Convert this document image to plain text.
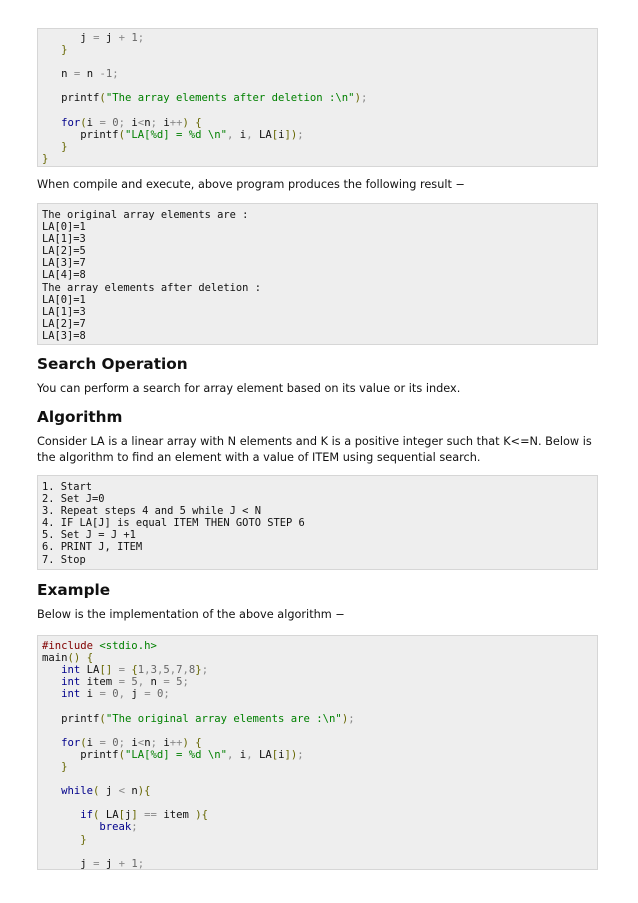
j = j + 1;
}
n = n -1;
printf("The array elements after deletion :\n");
for(i = 0; i<n; i++) {
printf("LA[%d] = %d \n", i, LA[i]);
}
}

When compile and execute, above program produces the following result −

The original array elements are :
LA[0]=1
LA[1]=3
LA[2]=5
LA[3]=7
LA[4]=8
The array elements after deletion :
LA[0]=1
LA[1]=3
LA[2]=7
LA[3]=8
Search Operation

You can perform a search for array element based on its value or its index.

Algorithm

Consider LA is a linear array with N elements and K is a positive integer such that K<=N. Below is the algorithm to find an element with a value of ITEM using sequential search.

1. Start
2. Set J=0
3. Repeat steps 4 and 5 while J < N
4. IF LA[J] is equal ITEM THEN GOTO STEP 6
5. Set J = J +1
6. PRINT J, ITEM
7. Stop
Example

Below is the implementation of the above algorithm −

#include <stdio.h>
main() {
int LA[] = {1,3,5,7,8};
int item = 5, n = 5;
int i = 0, j = 0;
printf("The original array elements are :\n");
for(i = 0; i<n; i++) {
printf("LA[%d] = %d \n", i, LA[i]);
}
while( j < n){
if( LA[j] == item ){
break;
}
j = j + 1;
